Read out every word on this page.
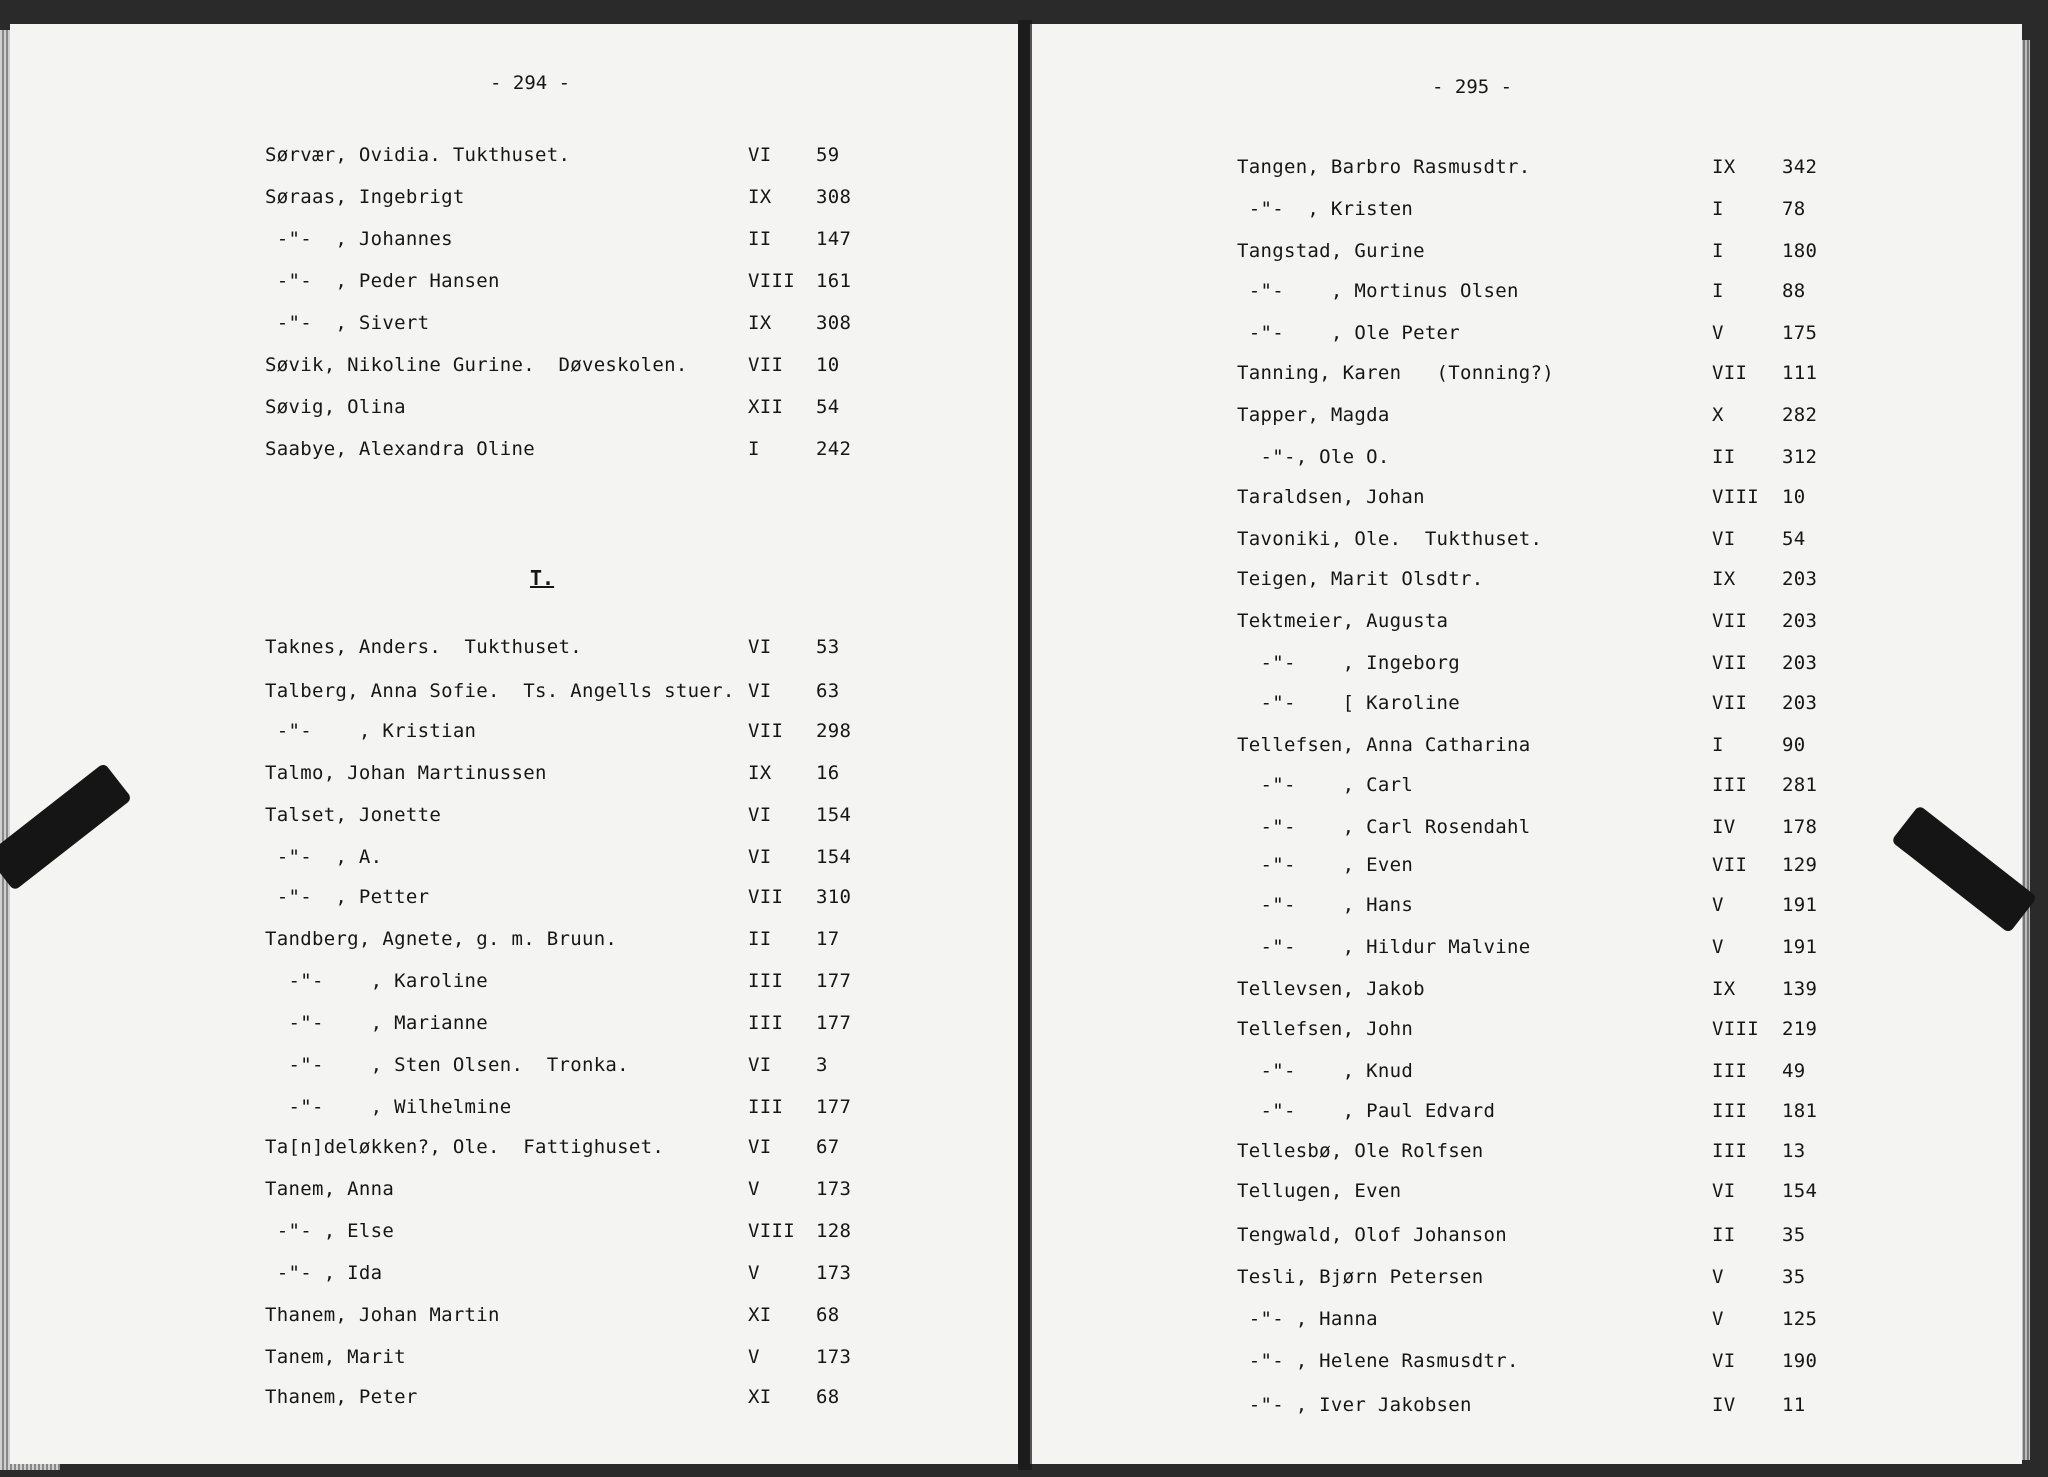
- 294 -
T.
Sørvær, Ovidia. Tukthuset.	VI 59
Søraas, Ingebrigt	IX 308
-"-  , Johannes	II 147
-"-  , Peder Hansen	VIII 161
-"-  , Sivert	IX 308
Søvik, Nikoline Gurine.  Døveskolen.	VII 10
Søvig, Olina	XII 54
Saabye, Alexandra Oline	I	242
Taknes, Anders.  Tukthuset.	VI 53
Talberg, Anna Sofie.  Ts. Angells stuer. VI 63
-"-    , Kristian	VII 298
Talmo, Johan Martinussen	IX 16
Talset, Jonette	VI 154
-"-  , A.	VI 154
-"-  , Petter	VII 310
Tandberg, Agnete, g. m. Bruun.	II 17
-"-    , Karoline	III 177
-"-    , Marianne	III 177
-"-    , Sten Olsen.  Tronka.	VI 3
-"-    , Wilhelmine	III 177
Ta[n]deløkken?, Ole.  Fattighuset.	VI 67
Tanem, Anna	V	173
-"- , Else	VIII 128
-"- , Ida	V	173
Thanem, Johan Martin	XI 68
Tanem, Marit	V	173
Thanem, Peter	XI 68
- 295 -
Tangen, Barbro Rasmusdtr.	IX 342
-"-  , Kristen	I	78
Tangstad, Gurine	I	180
-"-    , Mortinus Olsen	I	88
-"-    , Ole Peter	V	175
Tanning, Karen   (Tonning?)	VII 111
Tapper, Magda	X	282
-"-, Ole O.	II 312
Taraldsen, Johan	VIII 10
Tavoniki, Ole.  Tukthuset.	VI 54
Teigen, Marit Olsdtr.	IX 203
Tektmeier, Augusta	VII 203
-"-    , Ingeborg	VII 203
-"-    [ Karoline	VII 203
Tellefsen, Anna Catharina	I	90
-"-    , Carl	III 281
-"-    , Carl Rosendahl	IV 178
-"-    , Even	VII 129
-"-    , Hans	V	191
-"-    , Hildur Malvine	V	191
Tellevsen, Jakob	IX 139
Tellefsen, John	VIII 219
-"-    , Knud	III 49
-"-    , Paul Edvard	III 181
Tellesbø, Ole Rolfsen	III 13
Tellugen, Even	VI 154
Tengwald, Olof Johanson	II 35
Tesli, Bjørn Petersen	V	35
-"- , Hanna	V	125
-"- , Helene Rasmusdtr.	VI 190
-"- , Iver Jakobsen	IV 11
